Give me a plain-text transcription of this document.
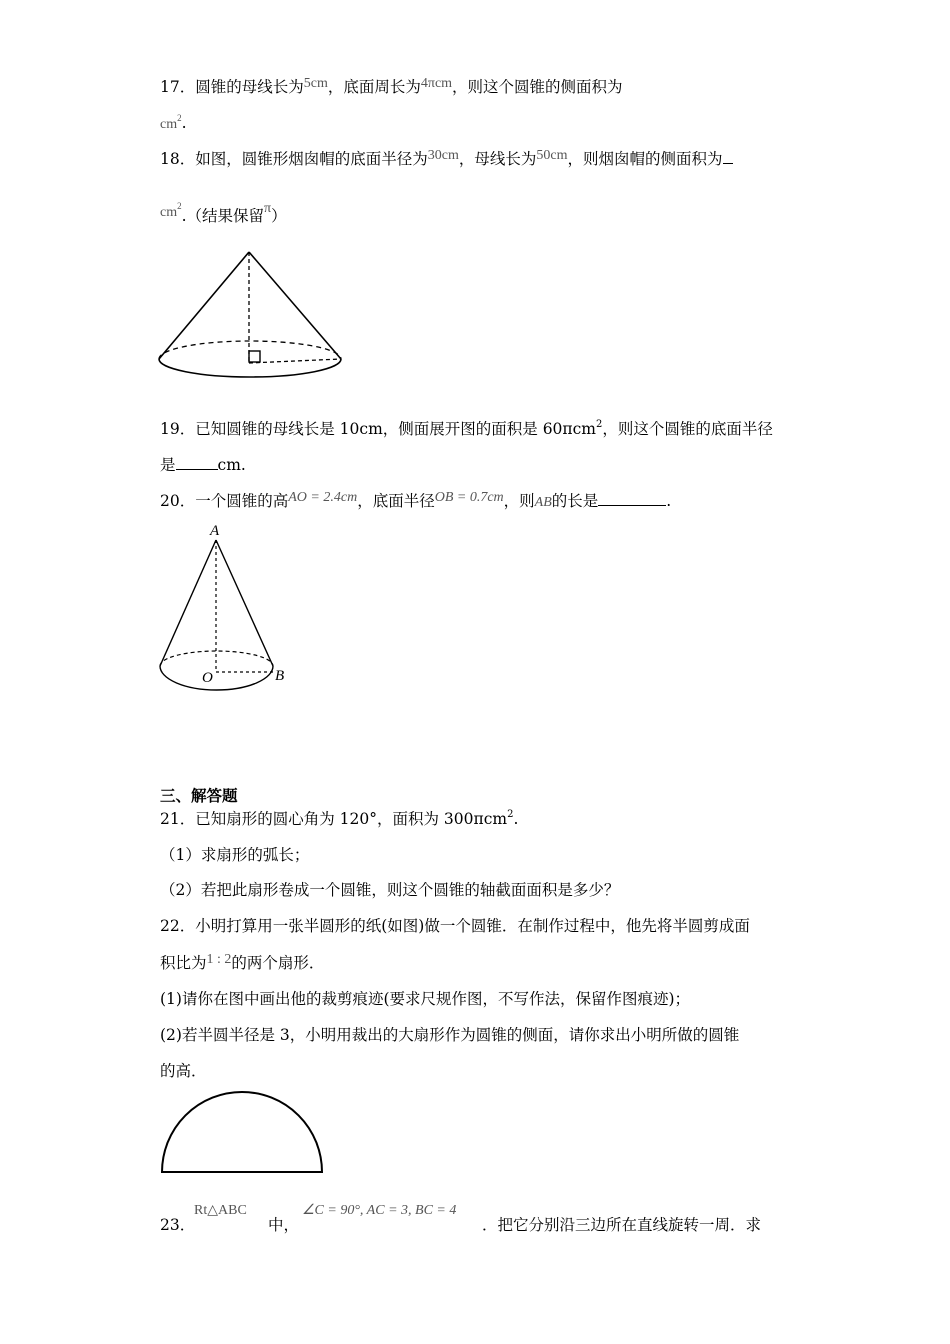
17．圆锥的母线长为5cm，底面周长为4πcm，则这个圆锥的侧面积为
$cm^2$.
18．如图，圆锥形烟囱帽的底面半径为30cm，母线长为50cm，则烟囱帽的侧面积为
$cm^2$.（结果保留π）
19．已知圆锥的母线长是 10cm，侧面展开图的面积是 60πcm$^2$，则这个圆锥的底面半径
是	cm.
20．一个圆锥的高AO = 2.4cm，底面半径OB = 0.7cm，则AB的长是	.
A
O	B
三、解答题
21．已知扇形的圆心角为 120°，面积为 300πcm$^2$.
（1）求扇形的弧长；
（2）若把此扇形卷成一个圆锥，则这个圆锥的轴截面面积是多少？
22．小明打算用一张半圆形的纸(如图)做一个圆锥．在制作过程中，他先将半圆剪成面
积比为1 : 2的两个扇形．
(1)请你在图中画出他的裁剪痕迹(要求尺规作图，不写作法，保留作图痕迹)；
(2)若半圆半径是 3，小明用裁出的大扇形作为圆锥的侧面，请你求出小明所做的圆锥
的高．
23．
Rt△ABC
中，
∠C = 90°, AC = 3, BC = 4
．把它分别沿三边所在直线旋转一周．求
